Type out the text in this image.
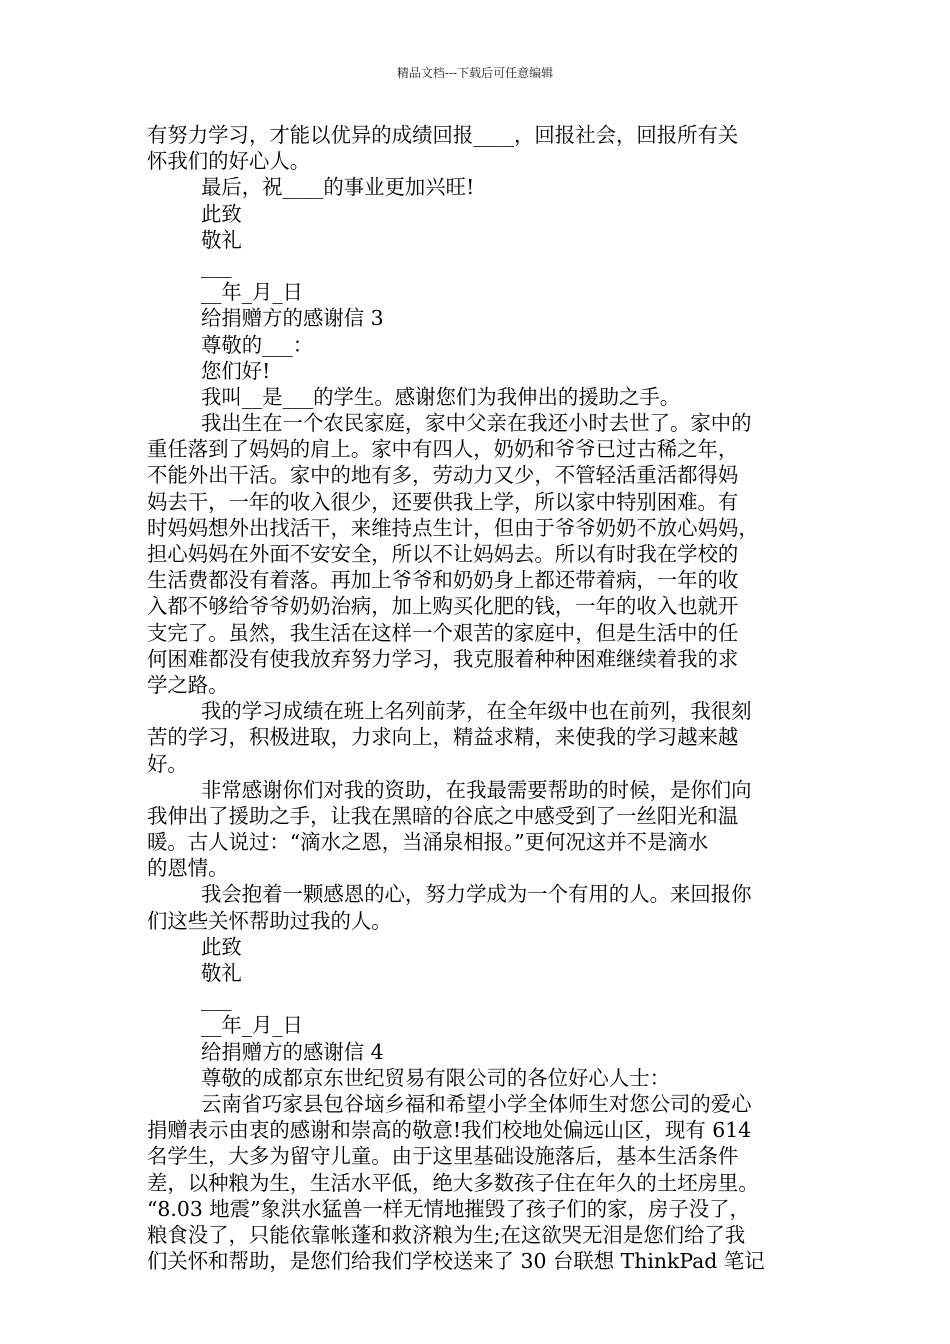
精品文档---下载后可任意编辑
有努力学习，才能以优异的成绩回报____，回报社会，回报所有关
怀我们的好心人。
最后，祝____的事业更加兴旺!
此致
敬礼
___
__年_月_日
给捐赠方的感谢信 3
尊敬的___：
您们好!
我叫__是___的学生。感谢您们为我伸出的援助之手。
我出生在一个农民家庭，家中父亲在我还小时去世了。家中的
重任落到了妈妈的肩上。家中有四人，奶奶和爷爷已过古稀之年，
不能外出干活。家中的地有多，劳动力又少，不管轻活重活都得妈
妈去干，一年的收入很少，还要供我上学，所以家中特别困难。有
时妈妈想外出找活干，来维持点生计，但由于爷爷奶奶不放心妈妈，
担心妈妈在外面不安安全，所以不让妈妈去。所以有时我在学校的
生活费都没有着落。再加上爷爷和奶奶身上都还带着病，一年的收
入都不够给爷爷奶奶治病，加上购买化肥的钱，一年的收入也就开
支完了。虽然，我生活在这样一个艰苦的家庭中，但是生活中的任
何困难都没有使我放弃努力学习，我克服着种种困难继续着我的求
学之路。
我的学习成绩在班上名列前茅，在全年级中也在前列，我很刻
苦的学习，积极进取，力求向上，精益求精，来使我的学习越来越
好。
非常感谢你们对我的资助，在我最需要帮助的时候，是你们向
我伸出了援助之手，让我在黑暗的谷底之中感受到了一丝阳光和温
暖。古人说过：“滴水之恩，当涌泉相报。”更何况这并不是滴水
的恩情。
我会抱着一颗感恩的心，努力学成为一个有用的人。来回报你
们这些关怀帮助过我的人。
此致
敬礼
___
__年_月_日
给捐赠方的感谢信 4
尊敬的成都京东世纪贸易有限公司的各位好心人士：
云南省巧家县包谷垴乡福和希望小学全体师生对您公司的爱心
捐赠表示由衷的感谢和崇高的敬意!我们校地处偏远山区，现有 614
名学生，大多为留守儿童。由于这里基础设施落后，基本生活条件
差，以种粮为生，生活水平低，绝大多数孩子住在年久的土坯房里。
“8.03 地震”象洪水猛兽一样无情地摧毁了孩子们的家，房子没了，
粮食没了，只能依靠帐蓬和救济粮为生;在这欲哭无泪是您们给了我
们关怀和帮助，是您们给我们学校送来了 30 台联想 ThinkPad 笔记
